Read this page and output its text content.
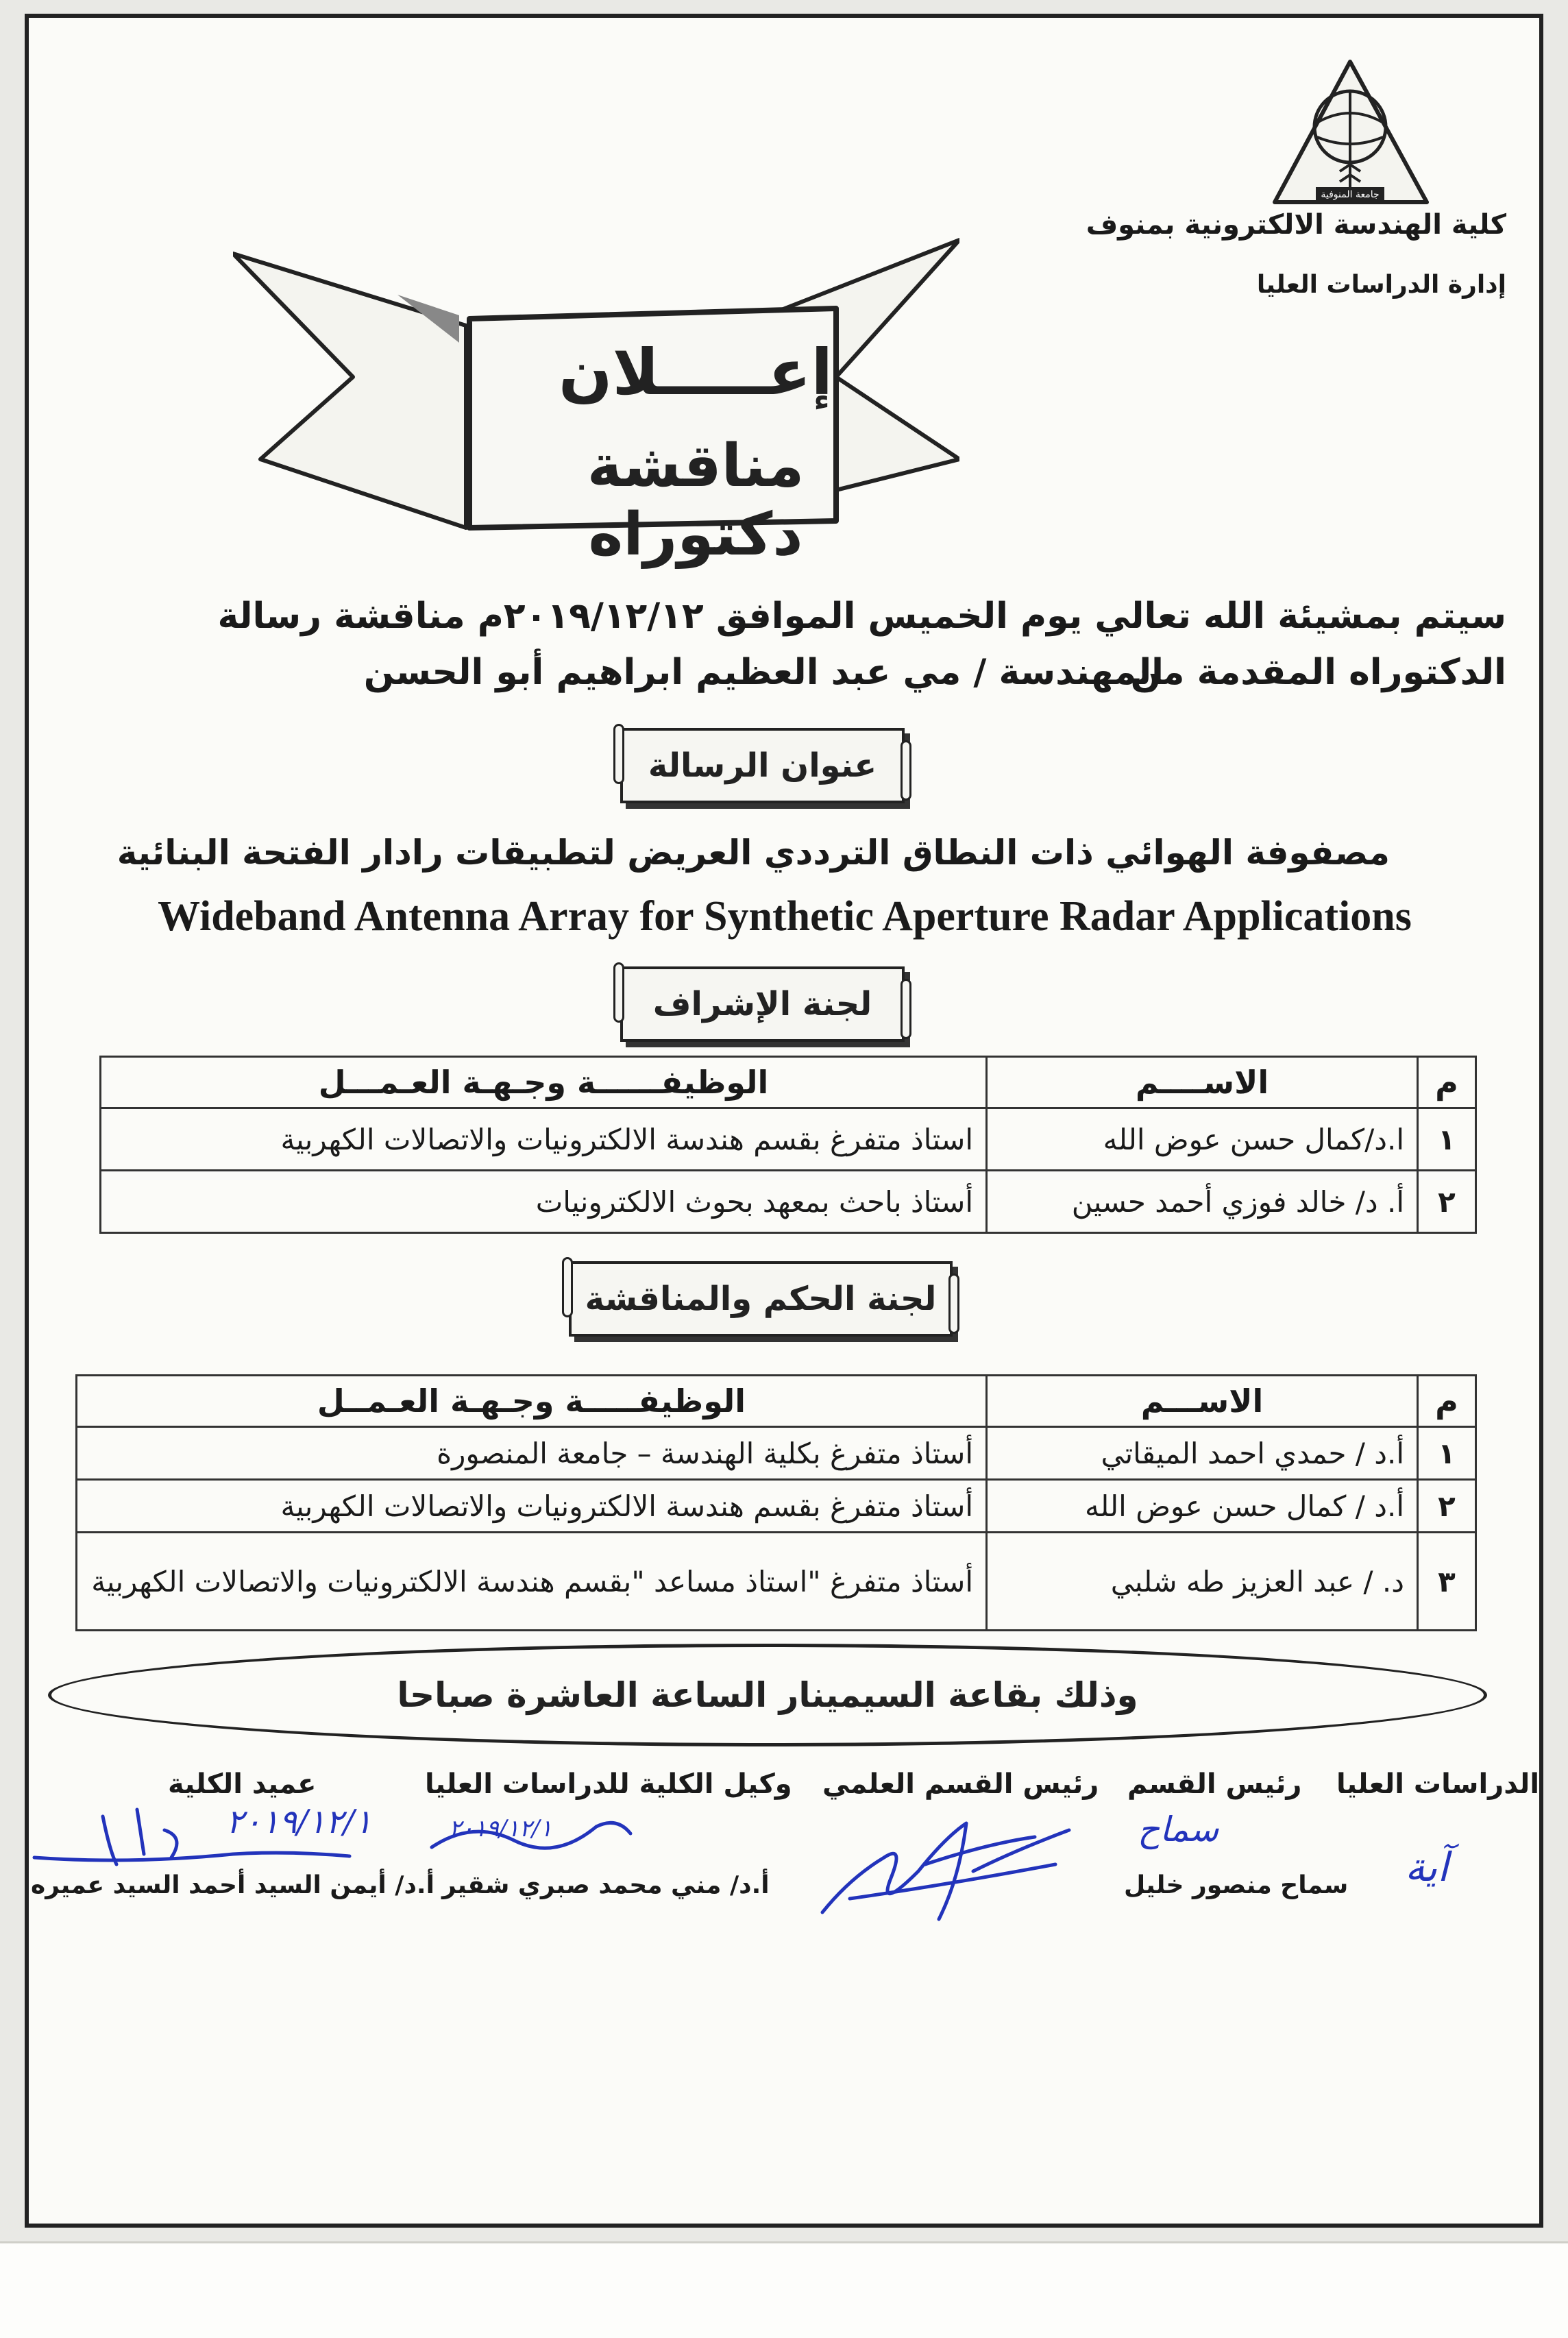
جامعة المنوفية
كلية الهندسة الالكترونية بمنوف
إدارة الدراسات العليا
إعـــــلان
مناقشة دكتوراه
سيتم بمشيئة الله تعالي يوم الخميس الموافق ٢٠١٩/١٢/١٢م مناقشة رسالة الدكتوراه المقدمة من
المهندسة / مي عبد العظيم ابراهيم أبو الحسن
عنوان الرسالة
مصفوفة الهوائي ذات النطاق الترددي العريض لتطبيقات رادار الفتحة البنائية
Wideband Antenna Array for Synthetic Aperture Radar Applications
لجنة الإشراف
م	الاســــم	الوظيفــــــة وجـهـة العـمـــل
١	ا.د/كمال حسن عوض الله	استاذ متفرغ بقسم هندسة الالكترونيات والاتصالات الكهربية
٢	أ. د/ خالد فوزي أحمد حسين	أستاذ باحث بمعهد بحوث الالكترونيات
لجنة الحكم والمناقشة
م	الاســـم	الوظيفـــــة وجـهـة العـمــل
١	أ.د / حمدي احمد الميقاتي	أستاذ متفرغ بكلية الهندسة – جامعة المنصورة
٢	أ.د / كمال حسن عوض الله	أستاذ متفرغ بقسم هندسة الالكترونيات والاتصالات الكهربية
٣	د. / عبد العزيز طه شلبي	أستاذ متفرغ "استاذ مساعد "بقسم هندسة الالكترونيات والاتصالات الكهربية
وذلك بقاعة السيمينار الساعة العاشرة صباحا
الدراسات العليا
رئيس القسم
رئيس القسم العلمي
وكيل الكلية للدراسات العليا
عميد الكلية
آية
سماح
٢٠١٩/١٢/١
٢٠١٩/١٢/١
سماح منصور خليل
أ.د/ مني محمد صبري شقير
أ.د/ أيمن السيد أحمد السيد عميره
